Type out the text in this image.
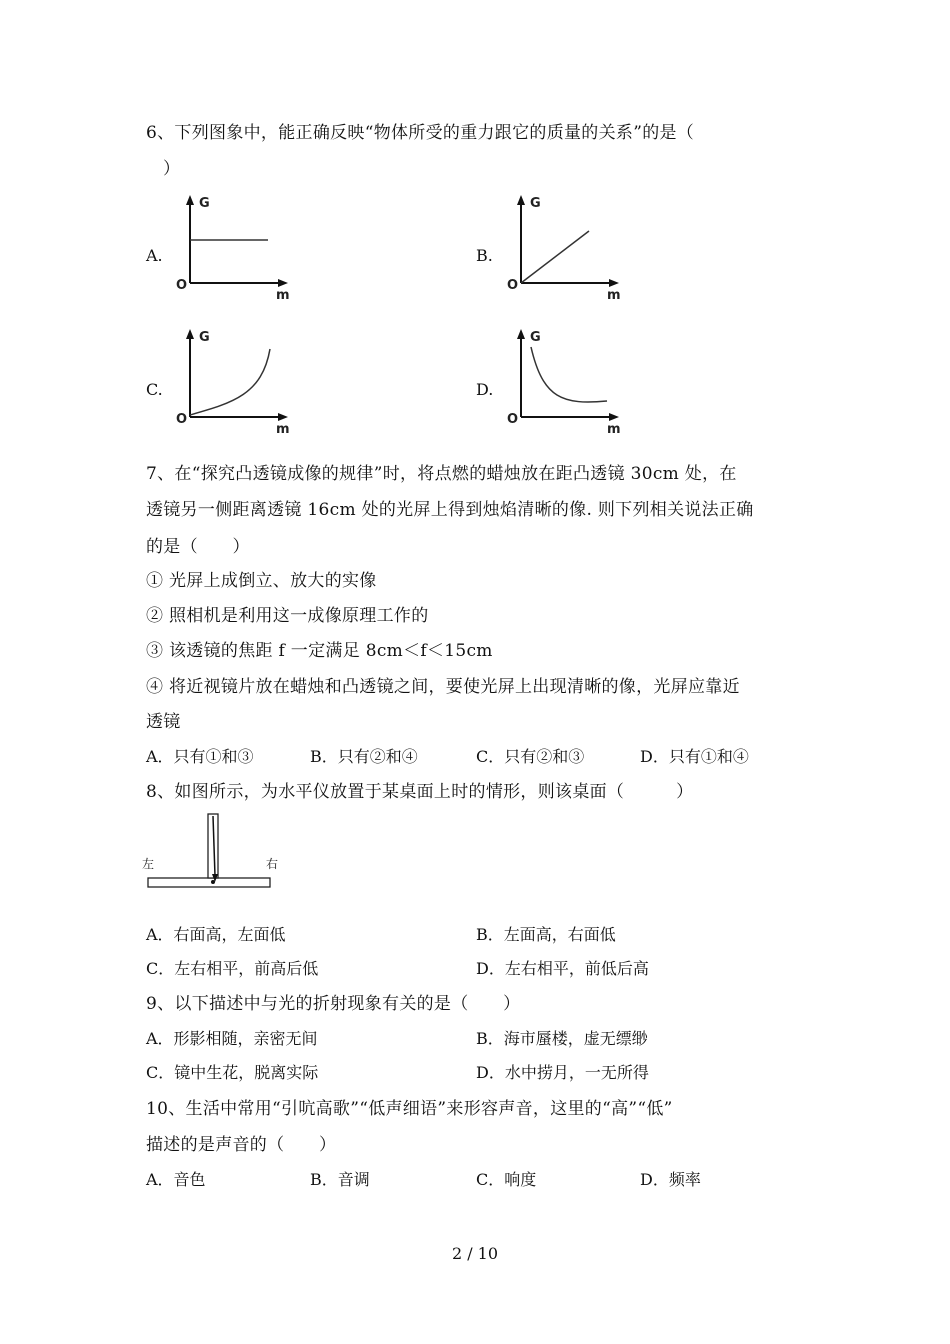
6、下列图象中，能正确反映“物体所受的重力跟它的质量的关系”的是（
）
A.	B.
C.	D.
G
O
m
G
O
m
G
O
m
G
O
m
7、在“探究凸透镜成像的规律”时，将点燃的蜡烛放在距凸透镜 30cm 处，在
透镜另一侧距离透镜 16cm 处的光屏上得到烛焰清晰的像. 则下列相关说法正确
的是（　　）
① 光屏上成倒立、放大的实像
② 照相机是利用这一成像原理工作的
③ 该透镜的焦距 f 一定满足 8cm＜f＜15cm
④ 将近视镜片放在蜡烛和凸透镜之间，要使光屏上出现清晰的像，光屏应靠近
透镜
A．只有①和③	B．只有②和④	C．只有②和③	D．只有①和④
8、如图所示，为水平仪放置于某桌面上时的情形，则该桌面（　　　）
左	右
A．右面高，左面低	B．左面高，右面低
C．左右相平，前高后低	D．左右相平，前低后高
9、以下描述中与光的折射现象有关的是（　　）
A．形影相随，亲密无间	B．海市蜃楼，虚无缥缈
C．镜中生花，脱离实际	D．水中捞月，一无所得
10、生活中常用“引吭高歌”“低声细语”来形容声音，这里的“高”“低”
描述的是声音的（　　）
A．音色	B．音调	C．响度	D．频率
2 / 10
